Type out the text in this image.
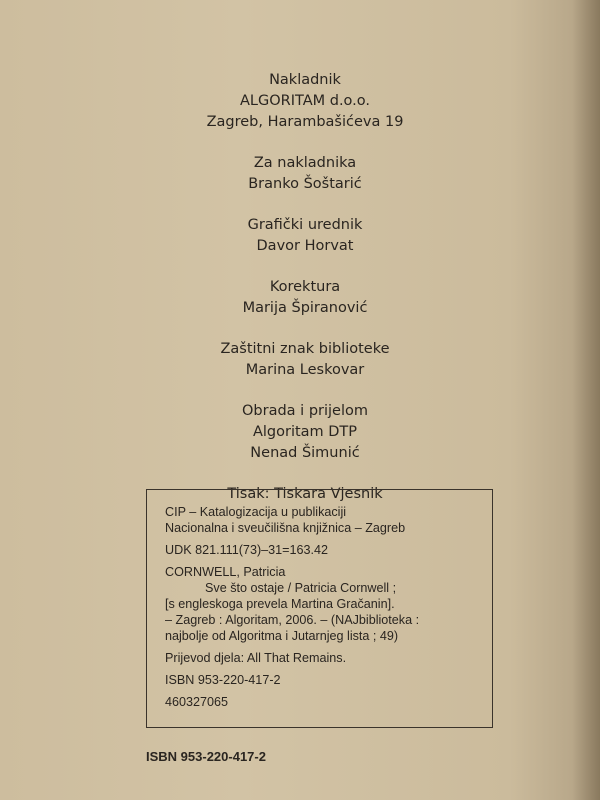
Nakladnik
ALGORITAM d.o.o.
Zagreb, Harambašićeva 19
Za nakladnika
Branko Šoštarić
Grafički urednik
Davor Horvat
Korektura
Marija Špiranović
Zaštitni znak biblioteke
Marina Leskovar
Obrada i prijelom
Algoritam DTP
Nenad Šimunić
Tisak: Tiskara Vjesnik
CIP – Katalogizacija u publikaciji
Nacionalna i sveučilišna knjižnica – Zagreb
UDK 821.111(73)–31=163.42
CORNWELL, Patricia
Sve što ostaje / Patricia Cornwell ;
[s engleskoga prevela Martina Gračanin].
– Zagreb : Algoritam, 2006. – (NAJbiblioteka :
najbolje od Algoritma i Jutarnjeg lista ; 49)
Prijevod djela: All That Remains.
ISBN 953-220-417-2
460327065
ISBN 953-220-417-2
